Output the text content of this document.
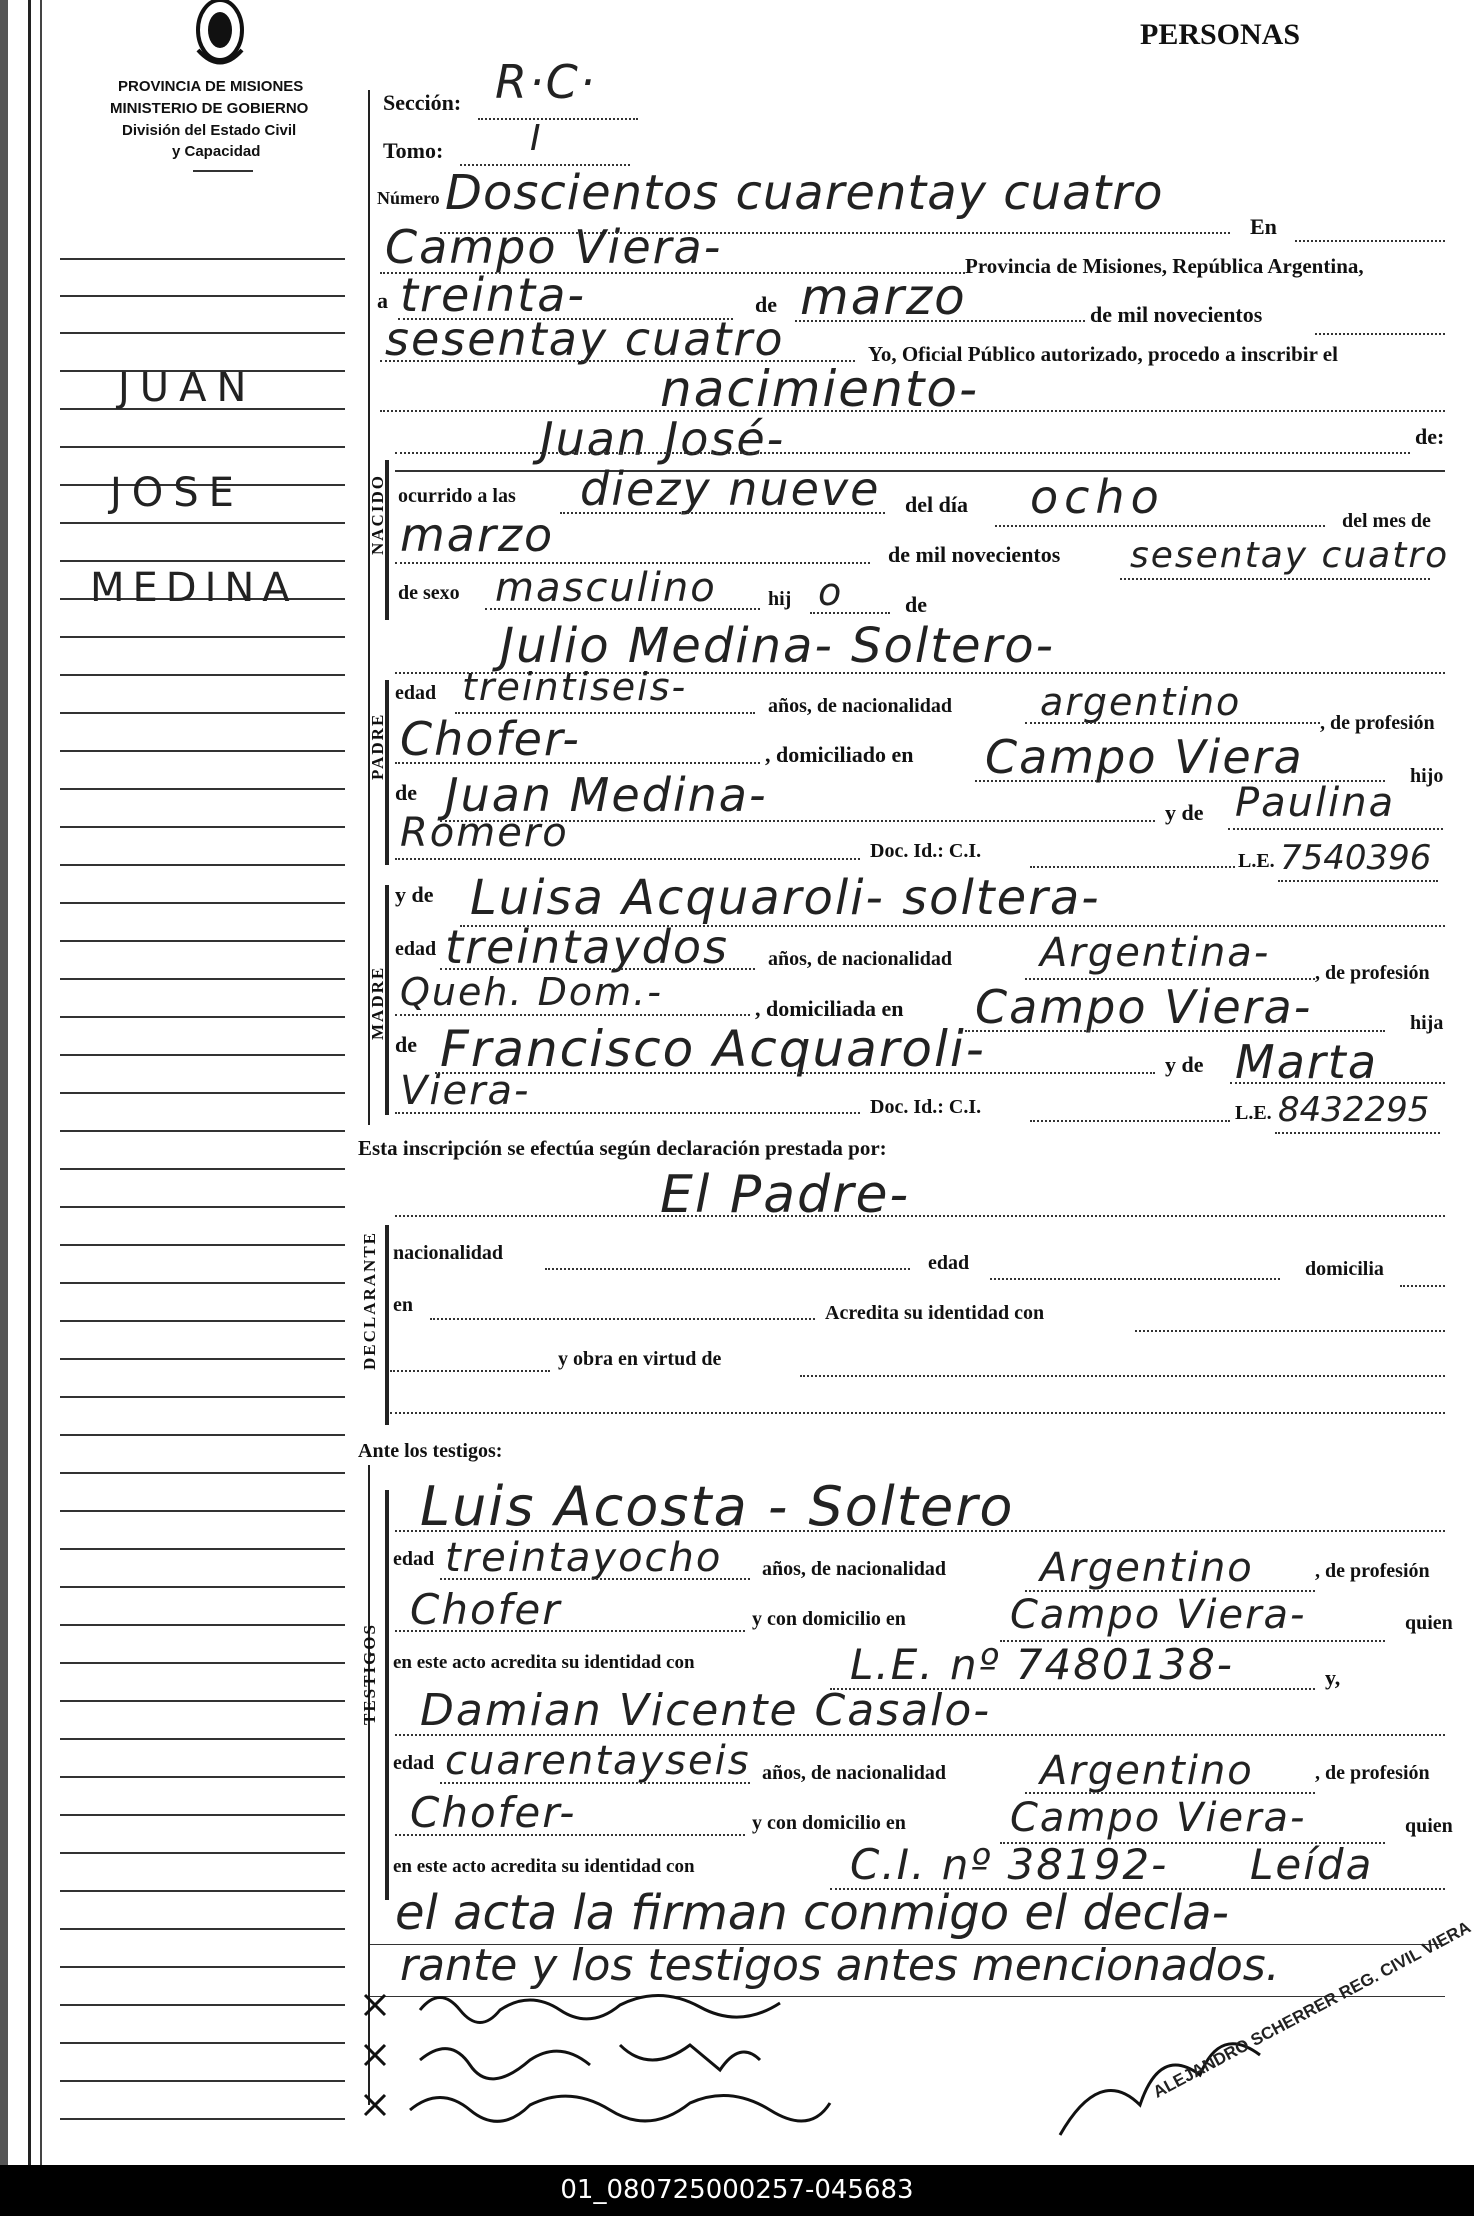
PROVINCIA DE MISIONES
MINISTERIO DE GOBIERNO
División del Estado Civil
y Capacidad
PERSONAS
JUAN
JOSE
MEDINA
Sección: R·C·
Tomo: I
Número Doscientos cuarentay cuatro
En
Campo Viera-	Provincia de Misiones, República Argentina,
a treinta-	de marzo	de mil novecientos
sesentay cuatro	Yo, Oficial Público autorizado, procedo a inscribir el
nacimiento-
de:
Juan José-
NACIDO ocurrido a las diezy nueve del día ocho	del mes de
marzo	de mil novecientos sesentay cuatro
de sexo masculino	hij o	de
PADRE
Julio Medina- Soltero-
edad treintiseis-	años, de nacionalidad argentino	, de profesión
Chofer-	, domiciliado en Campo Viera	hijo
de Juan Medina-	y de Paulina
Romero	Doc. Id.: C.I.	L.E. 7540396
MADRE
y de Luisa Acquaroli- soltera-
edad treintaydos años, de nacionalidad Argentina- , de profesión
Queh. Dom.-	, domiciliada en Campo Viera-	hija
de Francisco Acquaroli-	y de Marta
Viera-	Doc. Id.: C.I.	L.E. 8432295
Esta inscripción se efectúa según declaración prestada por:
El Padre-
DECLARANTE nacionalidad	edad	domicilia
en	Acredita su identidad con
y obra en virtud de
Ante los testigos:
TESTIGOS
Luis Acosta - Soltero
edad treintayocho años, de nacionalidad Argentino	, de profesión
Chofer	y con domicilio en	Campo Viera-	quien
en este acto acredita su identidad con	L.E. nº 7480138-	y,
Damian Vicente Casalo-
edad cuarentayseis años, de nacionalidad Argentino	, de profesión
Chofer-	y con domicilio en	Campo Viera-	quien
en este acto acredita su identidad con	C.I. nº 38192- Leída
el acta la firman conmigo el decla-
rante y los testigos antes mencionados.
ALEJANDRO SCHERRER REG. CIVIL VIERA
01_080725000257-045683
